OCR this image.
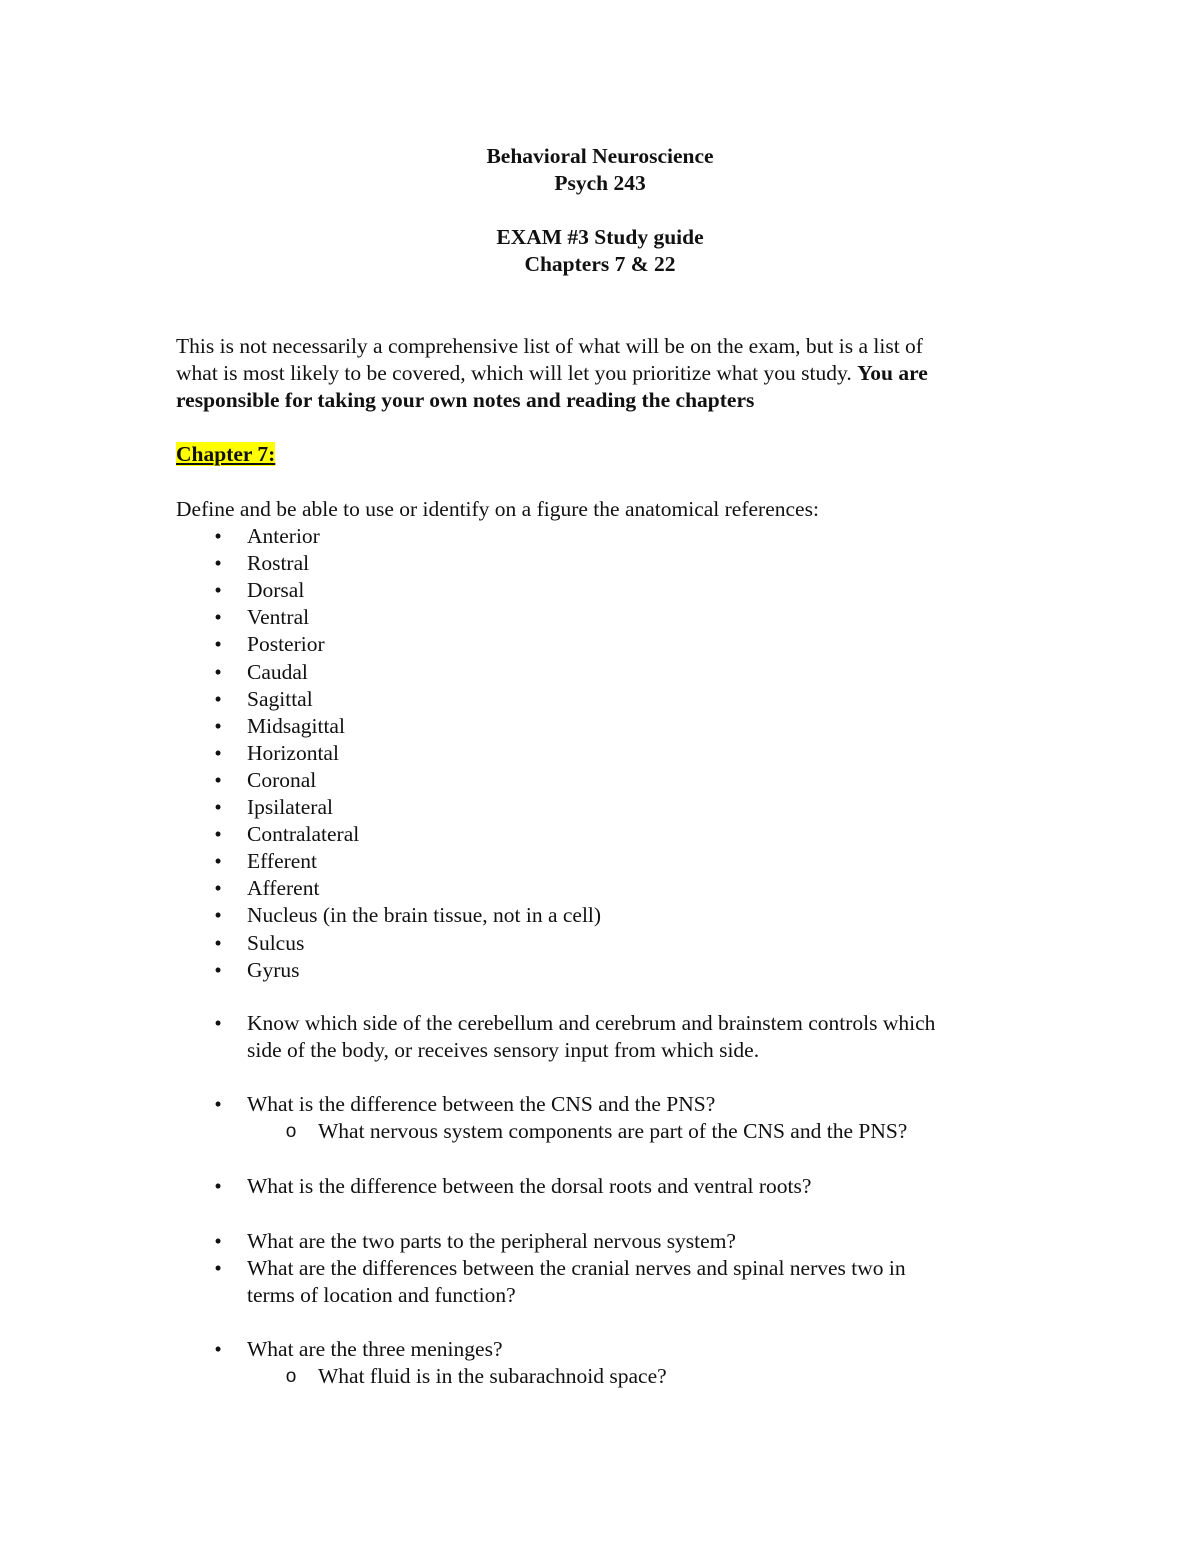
Behavioral Neuroscience
Psych 243
EXAM #3 Study guide
Chapters 7 & 22
This is not necessarily a comprehensive list of what will be on the exam, but is a list of
what is most likely to be covered, which will let you prioritize what you study. You are
responsible for taking your own notes and reading the chapters
Chapter 7:
Define and be able to use or identify on a figure the anatomical references:
• Anterior
• Rostral
• Dorsal
• Ventral
• Posterior
• Caudal
• Sagittal
• Midsagittal
• Horizontal
• Coronal
• Ipsilateral
• Contralateral
• Efferent
• Afferent
• Nucleus (in the brain tissue, not in a cell)
• Sulcus
• Gyrus
• Know which side of the cerebellum and cerebrum and brainstem controls which
side of the body, or receives sensory input from which side.
• What is the difference between the CNS and the PNS?
o What nervous system components are part of the CNS and the PNS?
• What is the difference between the dorsal roots and ventral roots?
• What are the two parts to the peripheral nervous system?
• What are the differences between the cranial nerves and spinal nerves two in
terms of location and function?
• What are the three meninges?
o What fluid is in the subarachnoid space?
